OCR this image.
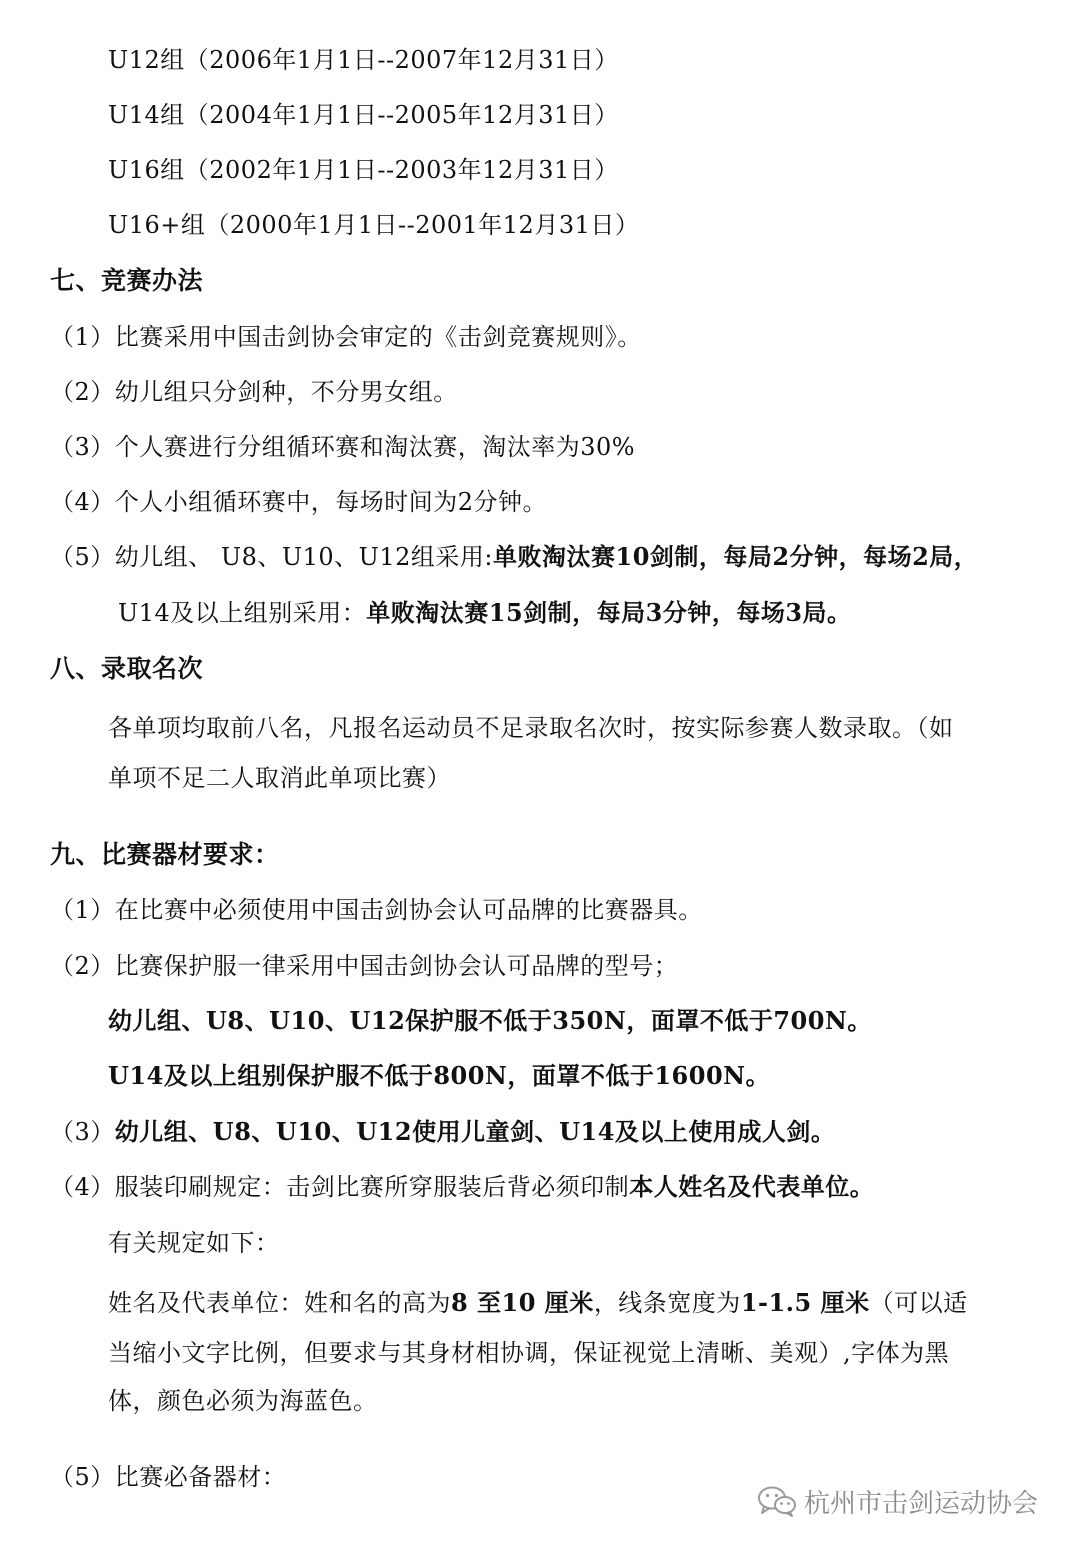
U12组（2006年1月1日--2007年12月31日）
U14组（2004年1月1日--2005年12月31日）
U16组（2002年1月1日--2003年12月31日）
U16+组（2000年1月1日--2001年12月31日）
七、竞赛办法
（1）比赛采用中国击剑协会审定的《击剑竞赛规则》。
（2）幼儿组只分剑种，不分男女组。
（3）个人赛进行分组循环赛和淘汰赛，淘汰率为30%
（4）个人小组循环赛中，每场时间为2分钟。
（5）幼儿组、 U8、U10、U12组采用:单败淘汰赛10剑制，每局2分钟，每场2局，
U14及以上组别采用：单败淘汰赛15剑制，每局3分钟，每场3局。
八、录取名次
各单项均取前八名，凡报名运动员不足录取名次时，按实际参赛人数录取。（如
单项不足二人取消此单项比赛）
九、比赛器材要求：
（1）在比赛中必须使用中国击剑协会认可品牌的比赛器具。
（2）比赛保护服一律采用中国击剑协会认可品牌的型号；
幼儿组、U8、U10、U12保护服不低于350N，面罩不低于700N。
U14及以上组别保护服不低于800N，面罩不低于1600N。
（3）幼儿组、U8、U10、U12使用儿童剑、U14及以上使用成人剑。
（4）服装印刷规定：击剑比赛所穿服装后背必须印制本人姓名及代表单位。
有关规定如下：
姓名及代表单位：姓和名的高为8 至10 厘米，线条宽度为1-1.5 厘米（可以适
当缩小文字比例，但要求与其身材相协调，保证视觉上清晰、美观）,字体为黑
体，颜色必须为海蓝色。
（5）比赛必备器材：
杭州市击剑运动协会
